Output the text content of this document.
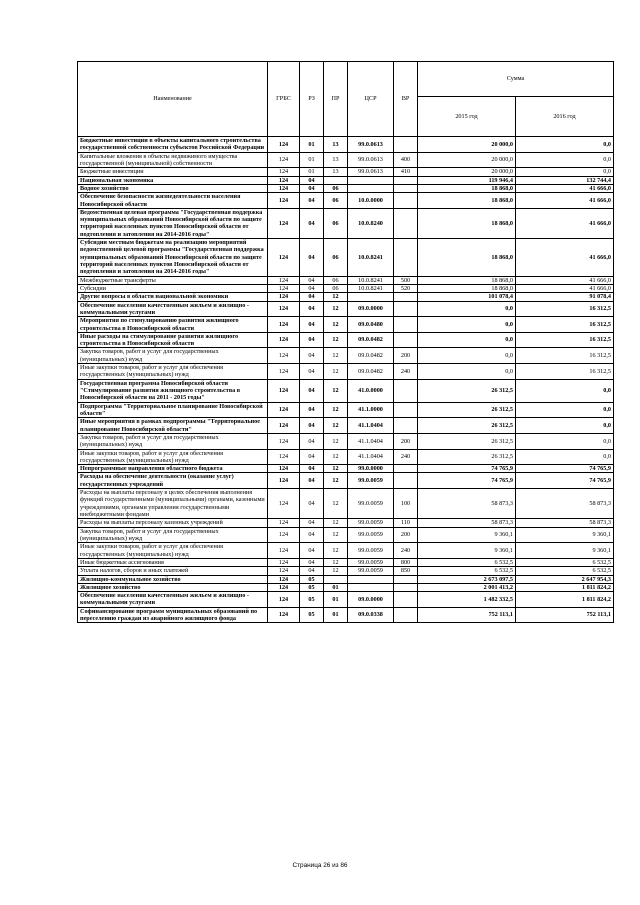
Наименование	ГРБС	РЗ	ПР	ЦСР	ВР	Сумма	
						2015 год	2016 год
Бюджетные инвестиции в объекты капитального строительства государственной собственности субъектов Российской Федерации	124	01	13	99.0.0613		20 000,0	0,0
Капитальные вложения в объекты недвижимого имущества государственной (муниципальной) собственности	124	01	13	99.0.0613	400	20 000,0	0,0
Бюджетные инвестиции	124	01	13	99.0.0613	410	20 000,0	0,0
Национальная экономика	124	04				119 946,4	132 744,4
Водное хозяйство	124	04	06			18 868,0	41 666,0
Обеспечение безопасности жизнедеятельности населения Новосибирской области	124	04	06	10.0.0000		18 868,0	41 666,0
Ведомственная целевая программа "Государственная поддержка муниципальных образований Новосибирской области по защите территорий населенных пунктов Новосибирской области от подтопления и затопления на 2014-2016 годы"	124	04	06	10.0.8240		18 868,0	41 666,0
Субсидии местным бюджетам на реализацию мероприятий ведомственной целевой программы "Государственная поддержка муниципальных образований Новосибирской области по защите территорий населенных пунктов Новосибирской области от подтопления и затопления на 2014-2016 годы"	124	04	06	10.0.8241		18 868,0	41 666,0
Межбюджетные трансферты	124	04	06	10.0.8241	500	18 868,0	41 666,0
Субсидии	124	04	06	10.0.8241	520	18 868,0	41 666,0
Другие вопросы в области национальной экономики	124	04	12			101 078,4	91 078,4
Обеспечение населения качественным жильем и жилищно - коммунальными услугами	124	04	12	09.0.0000		0,0	16 312,5
Мероприятия по стимулированию развития жилищного строительства в Новосибирской области	124	04	12	09.0.0480		0,0	16 312,5
Иные расходы на стимулирование развития жилищного строительства в Новосибирской области	124	04	12	09.0.0482		0,0	16 312,5
Закупка товаров, работ и услуг для государственных (муниципальных) нужд	124	04	12	09.0.0482	200	0,0	16 312,5
Иные закупки товаров, работ и услуг для обеспечения государственных (муниципальных) нужд	124	04	12	09.0.0482	240	0,0	16 312,5
Государственная программа Новосибирской области "Стимулирование развития жилищного строительства в Новосибирской области на 2011 - 2015 годы"	124	04	12	41.0.0000		26 312,5	0,0
Подпрограмма "Территориальное планирование Новосибирской области"	124	04	12	41.1.0000		26 312,5	0,0
Иные мероприятия в рамках подпрограммы "Территориальное планирование Новосибирской области"	124	04	12	41.1.0404		26 312,5	0,0
Закупка товаров, работ и услуг для государственных (муниципальных) нужд	124	04	12	41.1.0404	200	26 312,5	0,0
Иные закупки товаров, работ и услуг для обеспечения государственных (муниципальных) нужд	124	04	12	41.1.0404	240	26 312,5	0,0
Непрограммные направления областного бюджета	124	04	12	99.0.0000		74 765,9	74 765,9
Расходы на обеспечение деятельности (оказание услуг) государственных учреждений	124	04	12	99.0.0059		74 765,9	74 765,9
Расходы на выплаты персоналу в целях обеспечения выполнения функций государственными (муниципальными) органами, казенными учреждениями, органами управления государственными внебюджетными фондами	124	04	12	99.0.0059	100	58 873,3	58 873,3
Расходы на выплаты персоналу казенных учреждений	124	04	12	99.0.0059	110	58 873,3	58 873,3
Закупка товаров, работ и услуг для государственных (муниципальных) нужд	124	04	12	99.0.0059	200	9 360,1	9 360,1
Иные закупки товаров, работ и услуг для обеспечения государственных (муниципальных) нужд	124	04	12	99.0.0059	240	9 360,1	9 360,1
Иные бюджетные ассигнования	124	04	12	99.0.0059	800	6 532,5	6 532,5
Уплата налогов, сборов и иных платежей	124	04	12	99.0.0059	850	6 532,5	6 532,5
Жилищно-коммунальное хозяйство	124	05				2 673 097,5	2 647 954,3
Жилищное хозяйство	124	05	01			2 001 413,2	1 811 824,2
Обеспечение населения качественным жильем и жилищно - коммунальными услугами	124	05	01	09.0.0000		1 482 332,5	1 811 824,2
Софинансирование программ муниципальных образований по переселению граждан из аварийного жилищного фонда	124	05	01	09.0.0338		752 113,1	752 113,1
Страница 26 из 86
